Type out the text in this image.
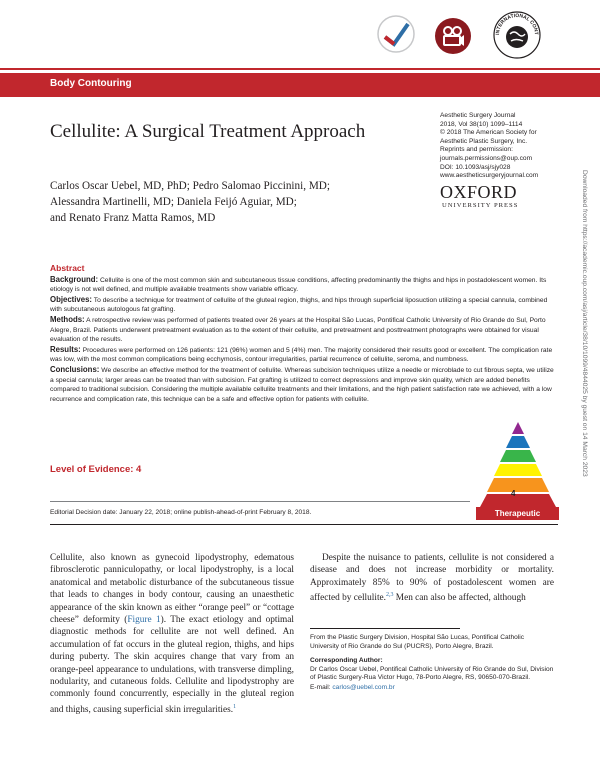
INTERNATIONAL CONT
Body Contouring
Cellulite: A Surgical Treatment Approach
Carlos Oscar Uebel, MD, PhD; Pedro Salomao Piccinini, MD;
Alessandra Martinelli, MD; Daniela Feijó Aguiar, MD;
and Renato Franz Matta Ramos, MD
Aesthetic Surgery Journal
2018, Vol 38(10) 1099–1114
© 2018 The American Society for
Aesthetic Plastic Surgery, Inc.
Reprints and permission:
journals.permissions@oup.com
DOI: 10.1093/asj/sjy028
www.aestheticsurgeryjournal.com
OXFORD
UNIVERSITY PRESS	Downloaded from https://academic.oup.com/asj/article/38/10/1099/4844025 by guest on 14 March 2023
Abstract

Background: Cellulite is one of the most common skin and subcutaneous tissue conditions, affecting predominantly the thighs and hips in postadolescent women. Its etiology is not well defined, and multiple available treatments show variable efficacy.

Objectives: To describe a technique for treatment of cellulite of the gluteal region, thighs, and hips through superficial liposuction utilizing a special cannula, combined with subcutaneous autologous fat grafting.

Methods: A retrospective review was performed of patients treated over 26 years at the Hospital São Lucas, Pontifical Catholic University of Rio Grande do Sul, Porto Alegre, Brazil. Patients underwent pretreatment evaluation as to the extent of their cellulite, and pretreatment and posttreatment photographs were obtained for visual evaluation of the results.

Results: Procedures were performed on 126 patients: 121 (96%) women and 5 (4%) men. The majority considered their results good or excellent. The complication rate was low, with the most common complications being ecchymosis, contour irregularities, partial recurrence of cellulite, seroma, and numbness.

Conclusions: We describe an effective method for the treatment of cellulite. Whereas subcision techniques utilize a needle or microblade to cut fibrous septa, we utilize a special cannula; larger areas can be treated than with subcision. Fat grafting is utilized to correct depressions and improve skin quality, which are added benefits compared to traditional subcision. Considering the multiple available cellulite treatments and their limitations, and the high patient satisfaction rate we achieved, with a low recurrence and complication rate, this technique can be a safe and effective option for patients with cellulite.

Level of Evidence: 4
4
Therapeutic
Editorial Decision date: January 22, 2018; online publish-ahead-of-print February 8, 2018.

Cellulite, also known as gynecoid lipodystrophy, edematous fibrosclerotic panniculopathy, or local lipodystrophy, is a local anatomical and metabolic disturbance of the subcutaneous tissue that leads to changes in body contour, causing an unaesthetic appearance of the skin known as either “orange peel” or “cottage cheese” deformity (Figure 1). The exact etiology and optimal diagnostic methods for cellulite are not well defined. An accumulation of fat occurs in the gluteal region, thighs, and hips during puberty. The skin acquires change that vary from an orange-peel appearance to undulations, with transverse dimpling, nodularity, and cutaneous folds. Cellulite and lipodystrophy are commonly found concurrently, especially in the gluteal region and thighs, causing superficial skin irregularities.$^1$

Despite the nuisance to patients, cellulite is not considered a disease and does not increase morbidity or mortality. Approximately 85% to 90% of postadolescent women are affected by cellulite.$^{2,3}$ Men can also be affected, although

From the Plastic Surgery Division, Hospital São Lucas, Pontifical Catholic University of Rio Grande do Sul (PUCRS), Porto Alegre, Brazil.

Corresponding Author:

Dr Carlos Oscar Uebel, Pontifical Catholic University of Rio Grande do Sul, Division of Plastic Surgery-Rua Victor Hugo, 78-Porto Alegre, RS, 90650-070-Brazil.

E-mail: carlos@uebel.com.br
